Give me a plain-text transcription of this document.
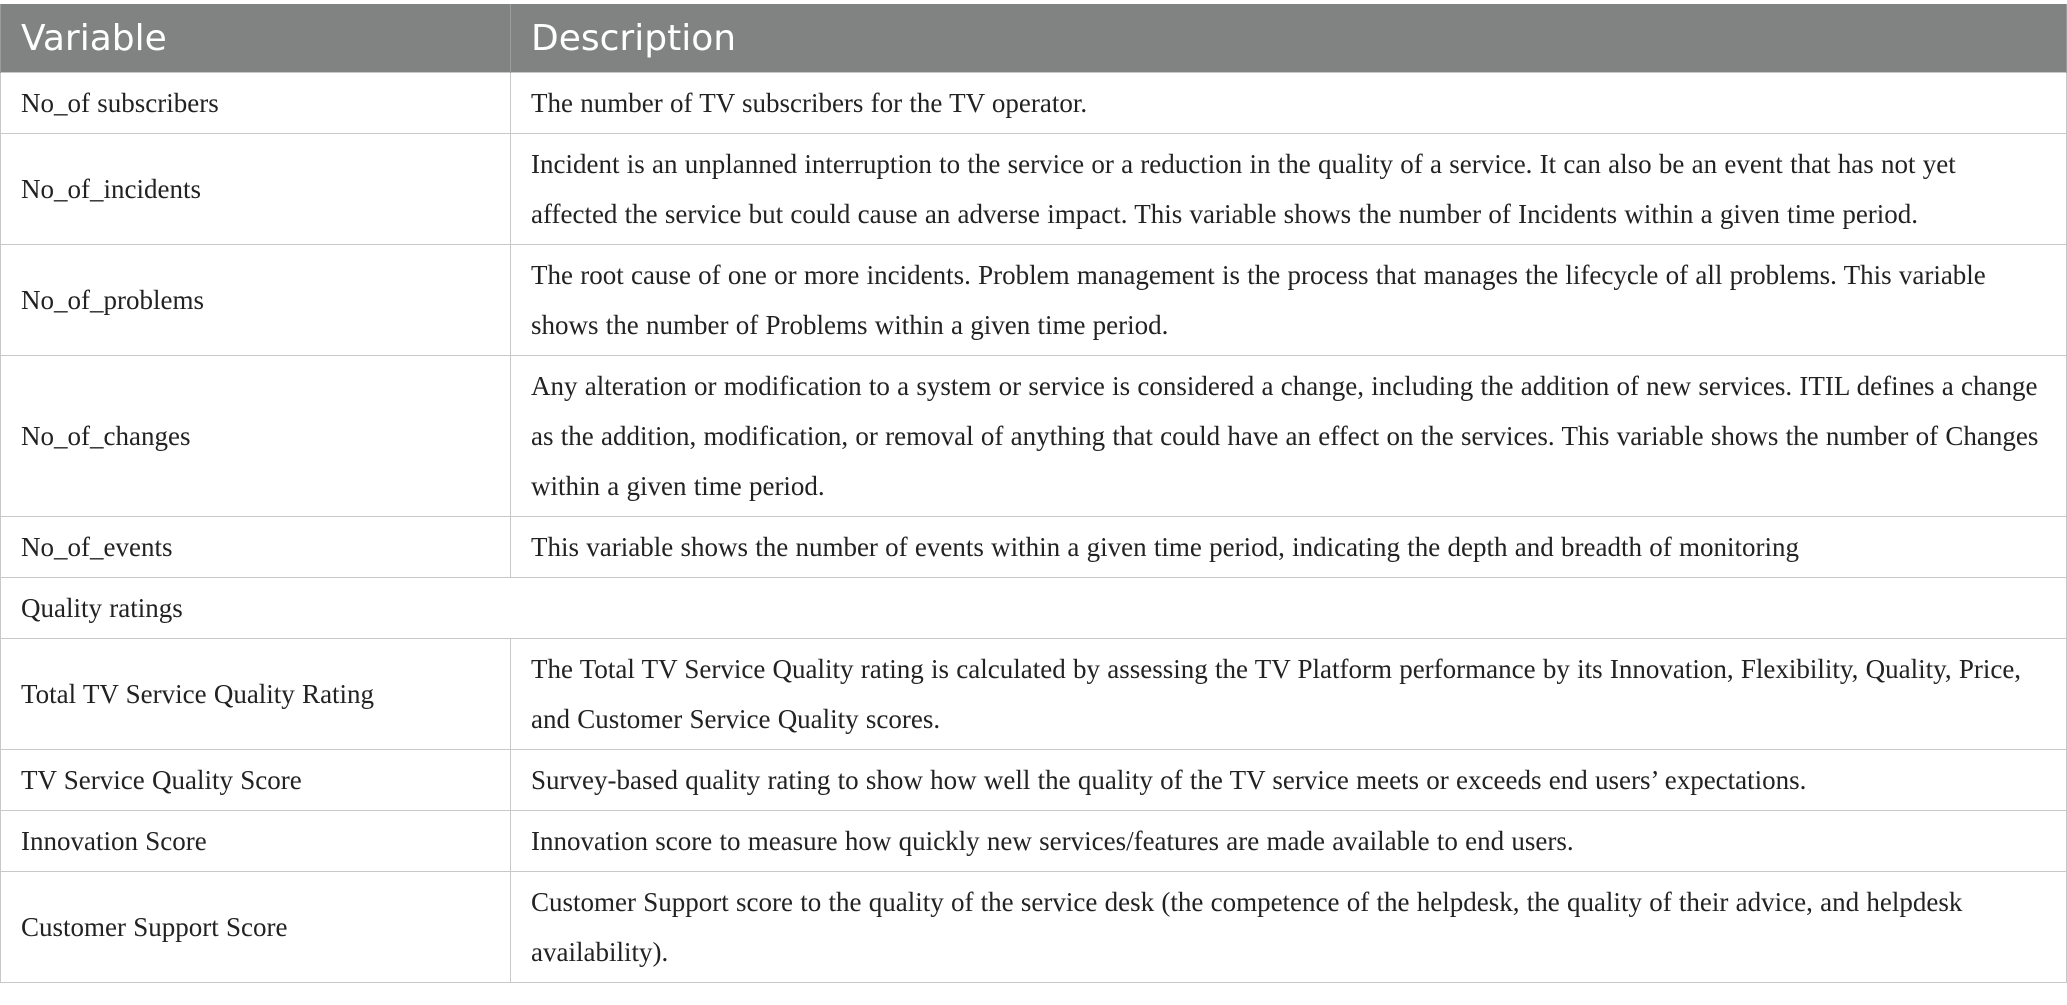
Variable	Description
No_of subscribers	The number of TV subscribers for the TV operator.
No_of_incidents	Incident is an unplanned interruption to the service or a reduction in the quality of a service. It can also be an event that has not yet affected the service but could cause an adverse impact. This variable shows the number of Incidents within a given time period.
No_of_problems	The root cause of one or more incidents. Problem management is the process that manages the lifecycle of all problems. This variable shows the number of Problems within a given time period.
No_of_changes	Any alteration or modification to a system or service is considered a change, including the addition of new services. ITIL defines a change as the addition, modification, or removal of anything that could have an effect on the services. This variable shows the number of Changes within a given time period.
No_of_events	This variable shows the number of events within a given time period, indicating the depth and breadth of monitoring
Quality ratings	
Total TV Service Quality Rating	The Total TV Service Quality rating is calculated by assessing the TV Platform performance by its Innovation, Flexibility, Quality, Price, and Customer Service Quality scores.
TV Service Quality Score	Survey-based quality rating to show how well the quality of the TV service meets or exceeds end users’ expectations.
Innovation Score	Innovation score to measure how quickly new services/features are made available to end users.
Customer Support Score	Customer Support score to the quality of the service desk (the competence of the helpdesk, the quality of their advice, and helpdesk availability).
